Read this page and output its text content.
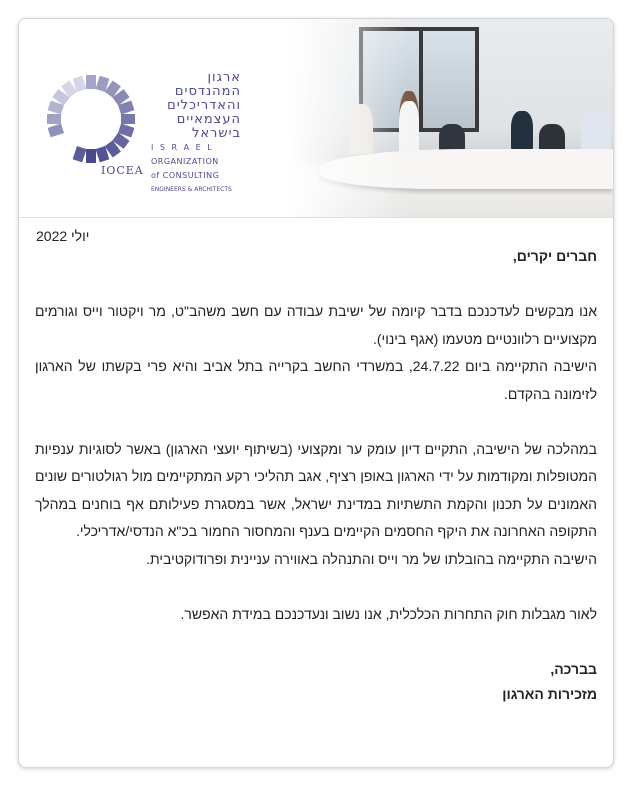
ארגון המהנדסים
והאדריכלים
העצמאיים
בישראל
I S R A E L
ORGANIZATION
of CONSULTING
ENGINEERS & ARCHITECTS
IOCEA
יולי 2022
חברים יקרים,
אנו מבקשים לעדכנכם בדבר קיומה של ישיבת עבודה עם חשב משהב"ט, מר ויקטור וייס וגורמים
מקצועיים רלוונטיים מטעמו (אגף בינוי).
הישיבה התקיימה ביום 24.7.22, במשרדי החשב בקרייה בתל אביב והיא פרי בקשתו של הארגון
לזימונה בהקדם.
במהלכה של הישיבה, התקיים דיון עומק ער ומקצועי (בשיתוף יועצי הארגון) באשר לסוגיות ענפיות
המטופלות ומקודמות על ידי הארגון באופן רציף, אגב תהליכי רקע המתקיימים מול רגולטורים שונים
האמונים על תכנון והקמת התשתיות במדינת ישראל, אשר במסגרת פעילותם אף בוחנים במהלך
התקופה האחרונה את היקף החסמים הקיימים בענף והמחסור החמור בכ"א הנדסי/אדריכלי.
הישיבה התקיימה בהובלתו של מר וייס והתנהלה באווירה עניינית ופרודוקטיבית.
לאור מגבלות חוק התחרות הכלכלית, אנו נשוב ונעדכנכם במידת האפשר.
בברכה,
מזכירות הארגון
